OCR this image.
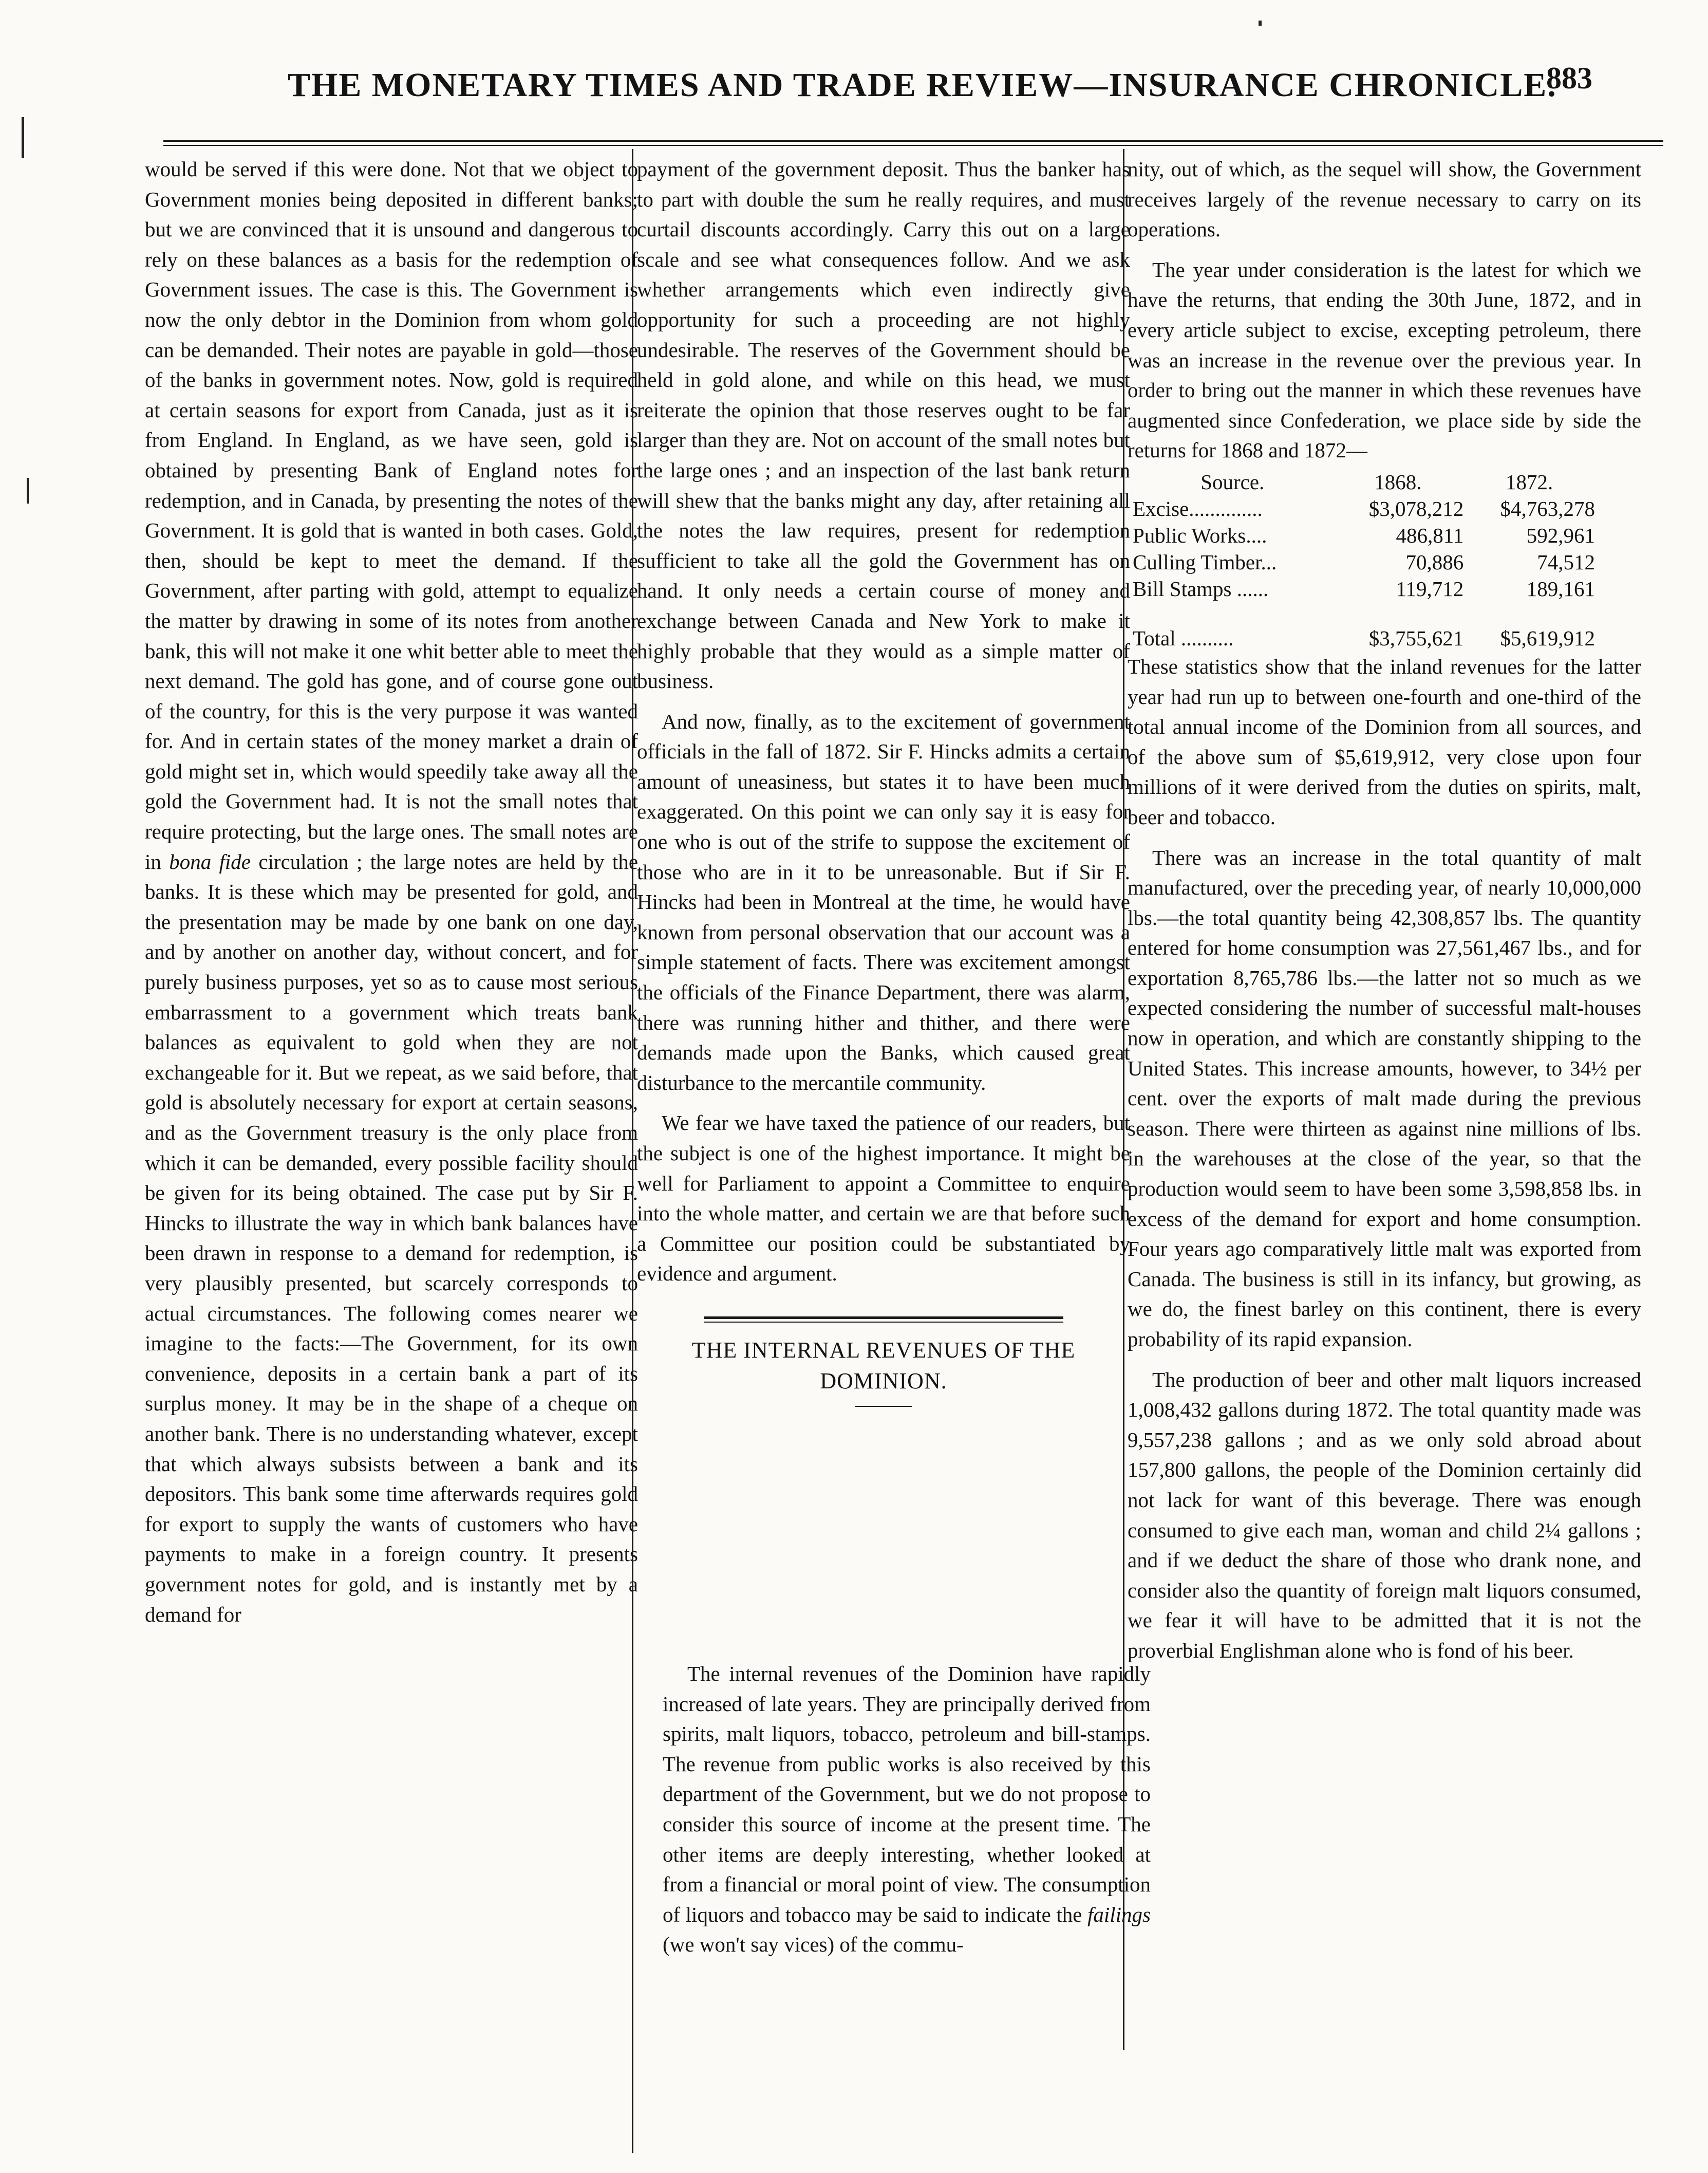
THE MONETARY TIMES AND TRADE REVIEW—INSURANCE CHRONICLE.
883

would be served if this were done. Not that we object to Government monies being deposited in different banks; but we are convinced that it is unsound and dangerous to rely on these balances as a basis for the redemption of Government issues. The case is this. The Government is now the only debtor in the Dominion from whom gold can be demanded. Their notes are payable in gold—those of the banks in government notes. Now, gold is required at certain seasons for export from Canada, just as it is from England. In England, as we have seen, gold is obtained by presenting Bank of England notes for redemption, and in Canada, by presenting the notes of the Government. It is gold that is wanted in both cases. Gold, then, should be kept to meet the demand. If the Government, after parting with gold, attempt to equalize the matter by drawing in some of its notes from another bank, this will not make it one whit better able to meet the next demand. The gold has gone, and of course gone out of the country, for this is the very purpose it was wanted for. And in certain states of the money market a drain of gold might set in, which would speedily take away all the gold the Government had. It is not the small notes that require protecting, but the large ones. The small notes are in bona fide circulation ; the large notes are held by the banks. It is these which may be presented for gold, and the presentation may be made by one bank on one day, and by another on another day, without concert, and for purely business purposes, yet so as to cause most serious embarrassment to a government which treats bank balances as equivalent to gold when they are not exchangeable for it. But we repeat, as we said before, that gold is absolutely necessary for export at certain seasons, and as the Government treasury is the only place from which it can be demanded, every possible facility should be given for its being obtained. The case put by Sir F. Hincks to illustrate the way in which bank balances have been drawn in response to a demand for redemption, is very plausibly presented, but scarcely corresponds to actual circumstances. The following comes nearer we imagine to the facts:—The Government, for its own convenience, deposits in a certain bank a part of its surplus money. It may be in the shape of a cheque on another bank. There is no understanding whatever, except that which always subsists between a bank and its depositors. This bank some time afterwards requires gold for export to supply the wants of customers who have payments to make in a foreign country. It presents government notes for gold, and is instantly met by a demand for

payment of the government deposit. Thus the banker has to part with double the sum he really requires, and must curtail discounts accordingly. Carry this out on a large scale and see what consequences follow. And we ask whether arrangements which even indirectly give opportunity for such a proceeding are not highly undesirable. The reserves of the Government should be held in gold alone, and while on this head, we must reiterate the opinion that those reserves ought to be far larger than they are. Not on account of the small notes but the large ones ; and an inspection of the last bank return will shew that the banks might any day, after retaining all the notes the law requires, present for redemption sufficient to take all the gold the Government has on hand. It only needs a certain course of money and exchange between Canada and New York to make it highly probable that they would as a simple matter of business.

And now, finally, as to the excitement of government officials in the fall of 1872. Sir F. Hincks admits a certain amount of uneasiness, but states it to have been much exaggerated. On this point we can only say it is easy for one who is out of the strife to suppose the excitement of those who are in it to be unreasonable. But if Sir F. Hincks had been in Montreal at the time, he would have known from personal observation that our account was a simple statement of facts. There was excitement amongst the officials of the Finance Department, there was alarm, there was running hither and thither, and there were demands made upon the Banks, which caused great disturbance to the mercantile community.

We fear we have taxed the patience of our readers, but the subject is one of the highest importance. It might be well for Parliament to appoint a Committee to enquire into the whole matter, and certain we are that before such a Committee our position could be substantiated by evidence and argument.

THE INTERNAL REVENUES OF THE DOMINION.

The internal revenues of the Dominion have rapidly increased of late years. They are principally derived from spirits, malt liquors, tobacco, petroleum and bill-stamps. The revenue from public works is also received by this department of the Government, but we do not propose to consider this source of income at the present time. The other items are deeply interesting, whether looked at from a financial or moral point of view. The consumption of liquors and tobacco may be said to indicate the failings (we won't say vices) of the commu-

nity, out of which, as the sequel will show, the Government receives largely of the revenue necessary to carry on its operations.

The year under consideration is the latest for which we have the returns, that ending the 30th June, 1872, and in every article subject to excise, excepting petroleum, there was an increase in the revenue over the previous year. In order to bring out the manner in which these revenues have augmented since Confederation, we place side by side the returns for 1868 and 1872—

Source.	1868.	1872.
Excise..............	$3,078,212	$4,763,278
Public Works....	486,811	592,961
Culling Timber...	70,886	74,512
Bill Stamps ......	119,712	189,161
Total ..........	$3,755,621	$5,619,912

These statistics show that the inland revenues for the latter year had run up to between one-fourth and one-third of the total annual income of the Dominion from all sources, and of the above sum of $5,619,912, very close upon four millions of it were derived from the duties on spirits, malt, beer and tobacco.

There was an increase in the total quantity of malt manufactured, over the preceding year, of nearly 10,000,000 lbs.—the total quantity being 42,308,857 lbs. The quantity entered for home consumption was 27,561,467 lbs., and for exportation 8,765,786 lbs.—the latter not so much as we expected considering the number of successful malt-houses now in operation, and which are constantly shipping to the United States. This increase amounts, however, to 34½ per cent. over the exports of malt made during the previous season. There were thirteen as against nine millions of lbs. in the warehouses at the close of the year, so that the production would seem to have been some 3,598,858 lbs. in excess of the demand for export and home consumption. Four years ago comparatively little malt was exported from Canada. The business is still in its infancy, but growing, as we do, the finest barley on this continent, there is every probability of its rapid expansion.

The production of beer and other malt liquors increased 1,008,432 gallons during 1872. The total quantity made was 9,557,238 gallons ; and as we only sold abroad about 157,800 gallons, the people of the Dominion certainly did not lack for want of this beverage. There was enough consumed to give each man, woman and child 2¼ gallons ; and if we deduct the share of those who drank none, and consider also the quantity of foreign malt liquors consumed, we fear it will have to be admitted that it is not the proverbial Englishman alone who is fond of his beer.
